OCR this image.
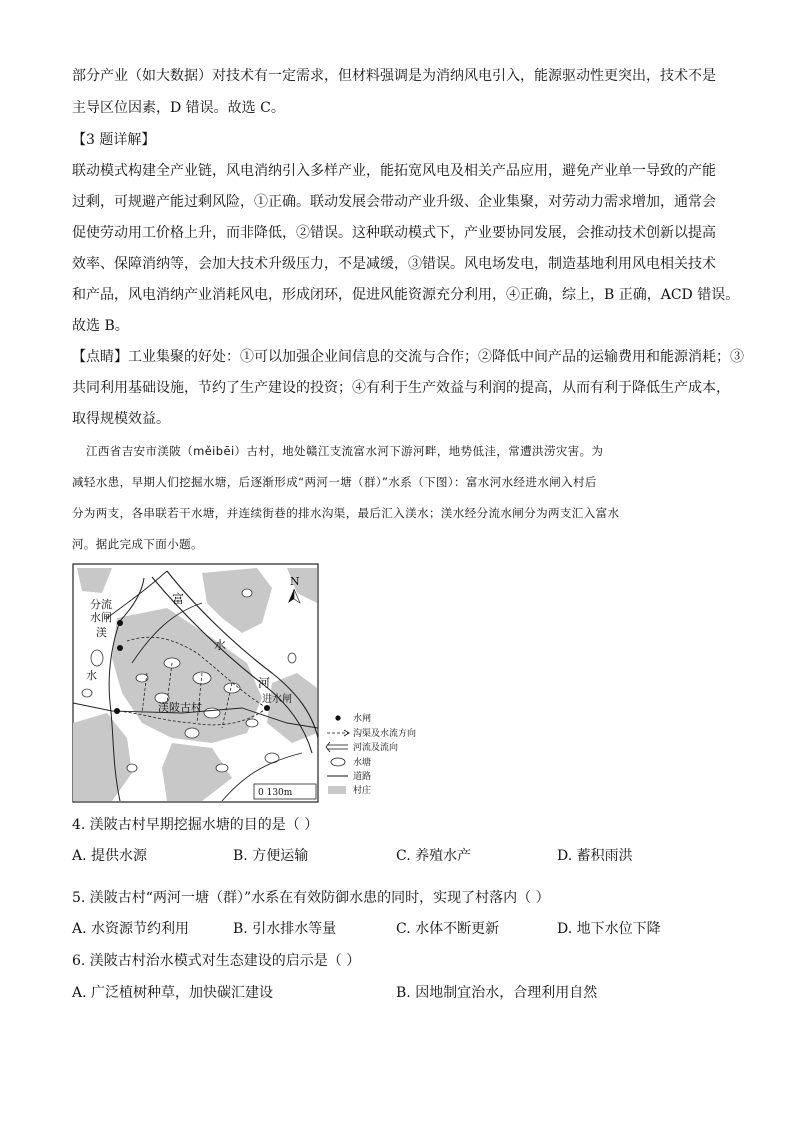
部分产业（如大数据）对技术有一定需求，但材料强调是为消纳风电引入，能源驱动性更突出，技术不是
主导区位因素，D 错误。故选 C。
【3 题详解】
联动模式构建全产业链，风电消纳引入多样产业，能拓宽风电及相关产品应用，避免产业单一导致的产能
过剩，可规避产能过剩风险，①正确。联动发展会带动产业升级、企业集聚，对劳动力需求增加，通常会
促使劳动用工价格上升，而非降低，②错误。这种联动模式下，产业要协同发展，会推动技术创新以提高
效率、保障消纳等，会加大技术升级压力，不是减缓，③错误。风电场发电，制造基地利用风电相关技术
和产品，风电消纳产业消耗风电，形成闭环，促进风能资源充分利用，④正确，综上，B 正确，ACD 错误。
故选 B。
【点睛】工业集聚的好处：①可以加强企业间信息的交流与合作；②降低中间产品的运输费用和能源消耗；③
共同利用基础设施，节约了生产建设的投资；④有利于生产效益与利润的提高，从而有利于降低生产成本，
取得规模效益。
江西省吉安市渼陂（měibēi）古村，地处赣江支流富水河下游河畔，地势低洼，常遭洪涝灾害。为
减轻水患，早期人们挖掘水塘，后逐渐形成“两河一塘（群）”水系（下图）：富水河水经进水闸入村后
分为两支，各串联若干水塘，并连续街巷的排水沟渠，最后汇入渼水；渼水经分流水闸分为两支汇入富水
河。据此完成下面小题。
N
富
水
河
分流
水闸
渼
水
渼陂古村
进水闸
0 130m
水闸
沟渠及水流方向
河流及流向
水塘
道路
村庄
4. 渼陂古村早期挖掘水塘的目的是（ ）
A. 提供水源	B. 方便运输	C. 养殖水产	D. 蓄积雨洪
5. 渼陂古村“两河一塘（群）”水系在有效防御水患的同时，实现了村落内（ ）
A. 水资源节约利用	B. 引水排水等量	C. 水体不断更新	D. 地下水位下降
6. 渼陂古村治水模式对生态建设的启示是（ ）
A. 广泛植树种草，加快碳汇建设	B. 因地制宜治水，合理利用自然
